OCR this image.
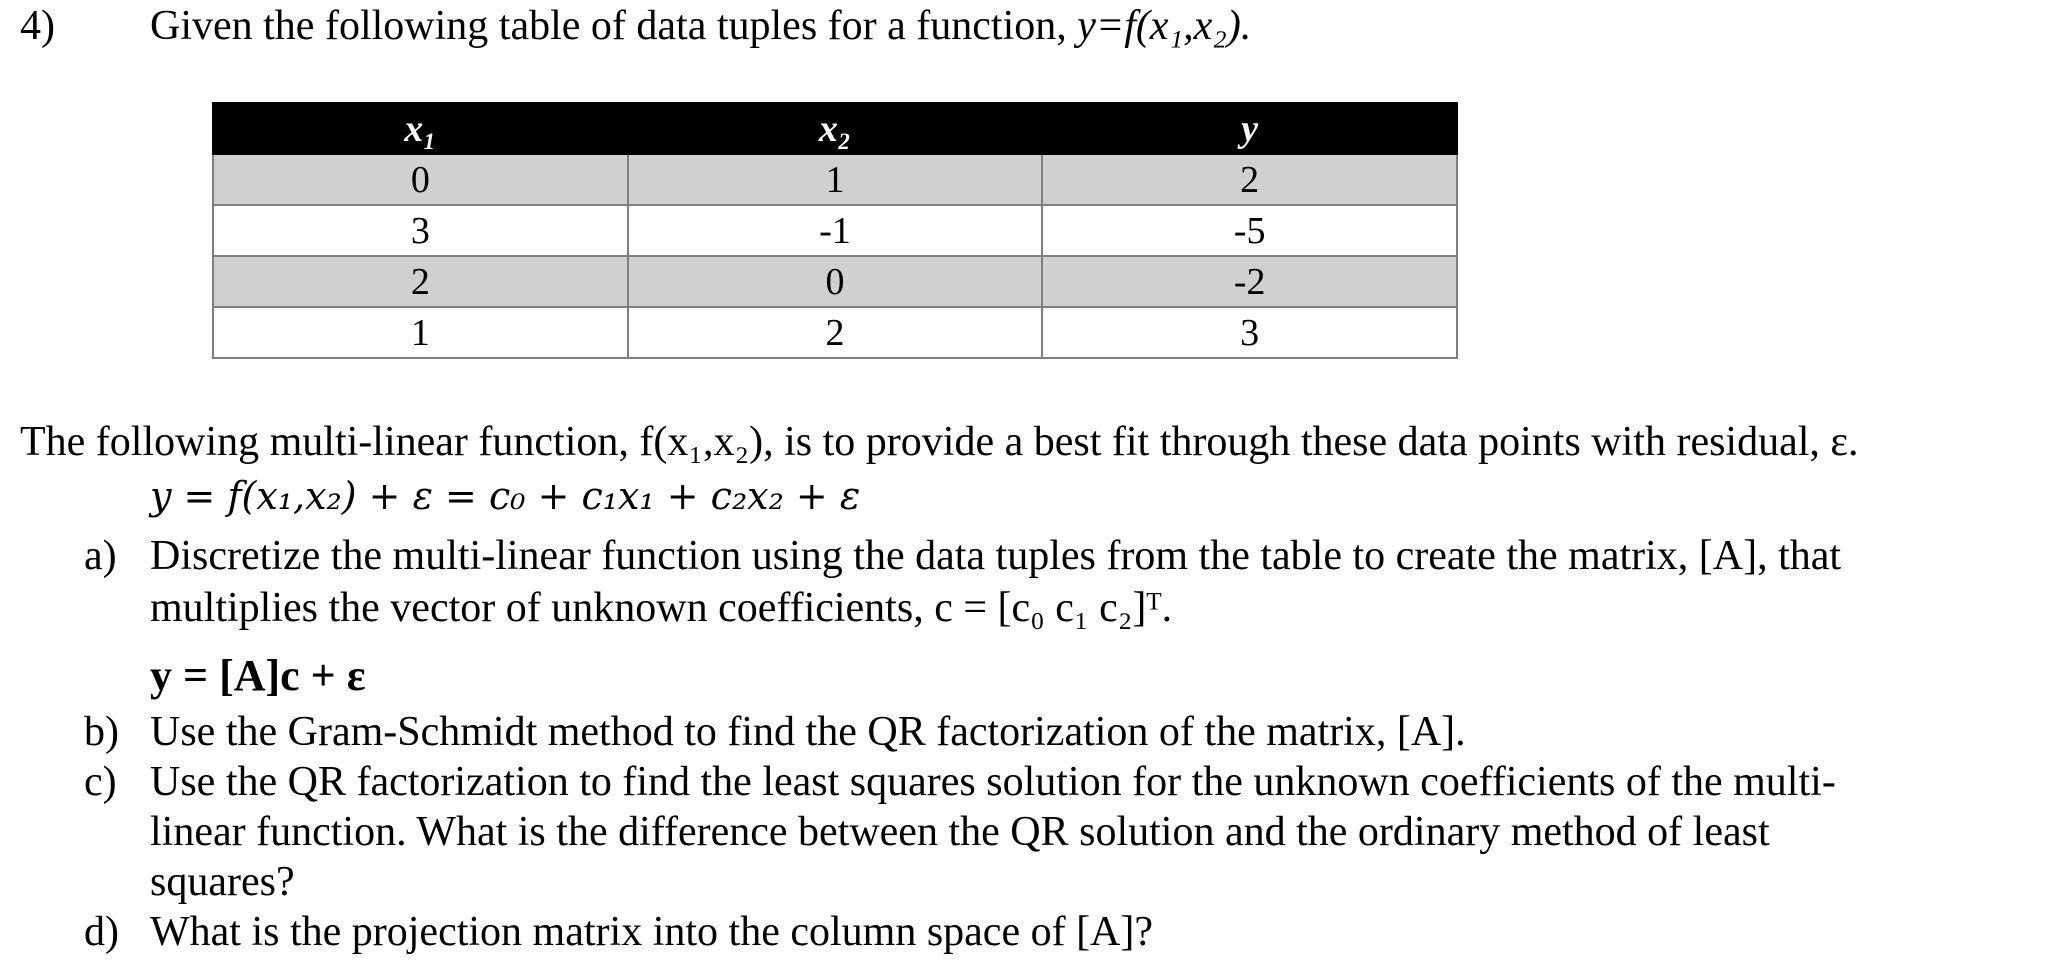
4) Given the following table of data tuples for a function, y=f(x₁,x₂).
x₁	x₂	y
0	1	2
3	-1	-5
2	0	-2
1	2	3
The following multi-linear function, f(x₁,x₂), is to provide a best fit through these data points with residual, ε.
y = f(x₁,x₂) + ε = c₀ + c₁x₁ + c₂x₂ + ε
a) Discretize the multi-linear function using the data tuples from the table to create the matrix, [A], that
multiplies the vector of unknown coefficients, c = [c₀ c₁ c₂]ᵀ.
y = [A]c + ε
b) Use the Gram-Schmidt method to find the QR factorization of the matrix, [A].
c) Use the QR factorization to find the least squares solution for the unknown coefficients of the multi-
linear function. What is the difference between the QR solution and the ordinary method of least
squares?
d) What is the projection matrix into the column space of [A]?
